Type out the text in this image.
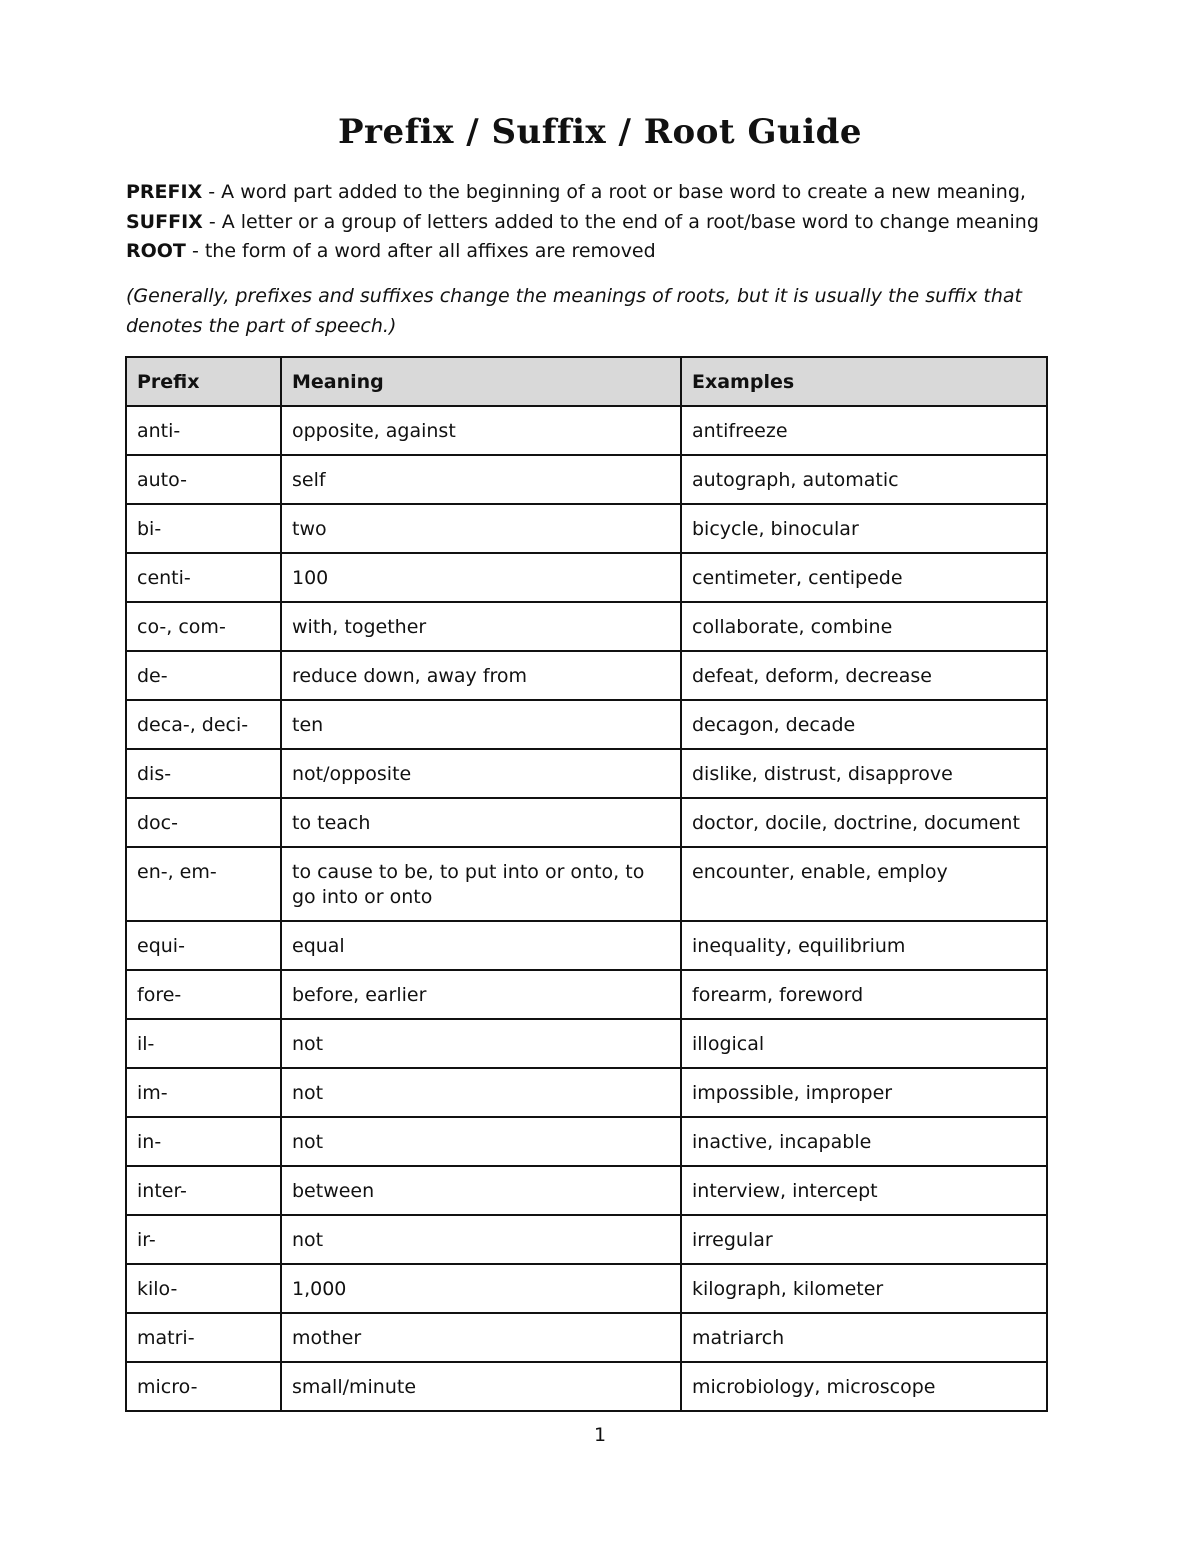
Prefix / Suffix / Root Guide
PREFIX - A word part added to the beginning of a root or base word to create a new meaning,
SUFFIX - A letter or a group of letters added to the end of a root/base word to change meaning
ROOT - the form of a word after all affixes are removed
(Generally, prefixes and suffixes change the meanings of roots, but it is usually the suffix that denotes the part of speech.)
Prefix	Meaning	Examples
anti-	opposite, against	antifreeze
auto-	self	autograph, automatic
bi-	two	bicycle, binocular
centi-	100	centimeter, centipede
co-, com-	with, together	collaborate, combine
de-	reduce down, away from	defeat, deform, decrease
deca-, deci-	ten	decagon, decade
dis-	not/opposite	dislike, distrust, disapprove
doc-	to teach	doctor, docile, doctrine, document
en-, em-	to cause to be, to put into or onto, to go into or onto	encounter, enable, employ
equi-	equal	inequality, equilibrium
fore-	before, earlier	forearm, foreword
il-	not	illogical
im-	not	impossible, improper
in-	not	inactive, incapable
inter-	between	interview, intercept
ir-	not	irregular
kilo-	1,000	kilograph, kilometer
matri-	mother	matriarch
micro-	small/minute	microbiology, microscope
1
